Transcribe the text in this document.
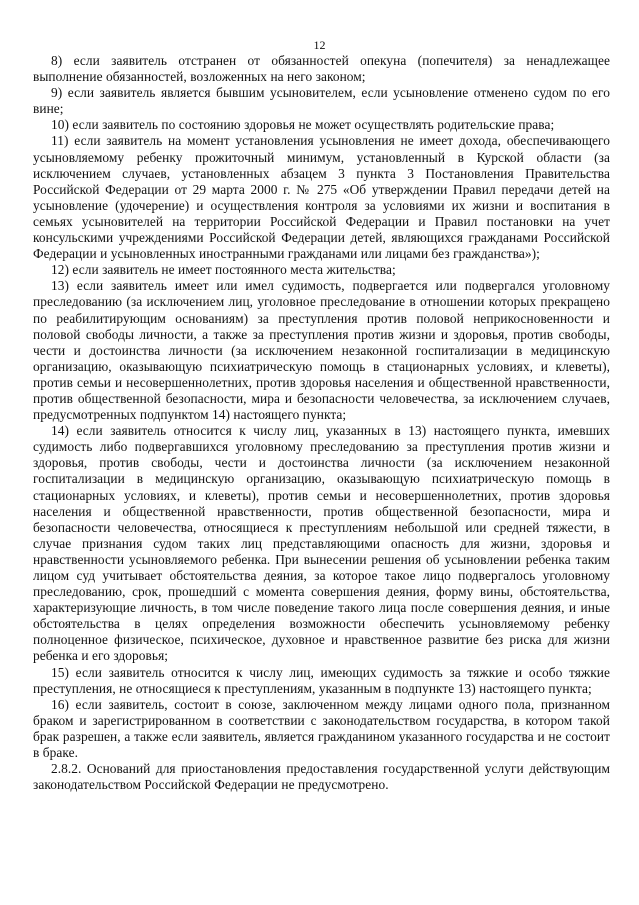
12

8) если заявитель отстранен от обязанностей опекуна (попечителя) за ненадлежащее выполнение обязанностей, возложенных на него законом;

9) если заявитель является бывшим усыновителем, если усыновление отменено судом по его вине;

10) если заявитель по состоянию здоровья не может осуществлять родительские права;

11) если заявитель на момент установления усыновления не имеет дохода, обеспечивающего усыновляемому ребенку прожиточный минимум, установленный в Курской области (за исключением случаев, установленных абзацем 3 пункта 3 Постановления Правительства Российской Федерации от 29 марта 2000 г. № 275 «Об утверждении Правил передачи детей на усыновление (удочерение) и осуществления контроля за условиями их жизни и воспитания в семьях усыновителей на территории Российской Федерации и Правил постановки на учет консульскими учреждениями Российской Федерации детей, являющихся гражданами Российской Федерации и усыновленных иностранными гражданами или лицами без гражданства»);

12) если заявитель не имеет постоянного места жительства;

13) если заявитель имеет или имел судимость, подвергается или подвергался уголовному преследованию (за исключением лиц, уголовное преследование в отношении которых прекращено по реабилитирующим основаниям) за преступления против половой неприкосновенности и половой свободы личности, а также за преступления против жизни и здоровья, против свободы, чести и достоинства личности (за исключением незаконной госпитализации в медицинскую организацию, оказывающую психиатрическую помощь в стационарных условиях, и клеветы), против семьи и несовершеннолетних, против здоровья населения и общественной нравственности, против общественной безопасности, мира и безопасности человечества, за исключением случаев, предусмотренных подпунктом 14) настоящего пункта;

14) если заявитель относится к числу лиц, указанных в 13) настоящего пункта, имевших судимость либо подвергавшихся уголовному преследованию за преступления против жизни и здоровья, против свободы, чести и достоинства личности (за исключением незаконной госпитализации в медицинскую организацию, оказывающую психиатрическую помощь в стационарных условиях, и клеветы), против семьи и несовершеннолетних, против здоровья населения и общественной нравственности, против общественной безопасности, мира и безопасности человечества, относящиеся к преступлениям небольшой или средней тяжести, в случае признания судом таких лиц представляющими опасность для жизни, здоровья и нравственности усыновляемого ребенка. При вынесении решения об усыновлении ребенка таким лицом суд учитывает обстоятельства деяния, за которое такое лицо подвергалось уголовному преследованию, срок, прошедший с момента совершения деяния, форму вины, обстоятельства, характеризующие личность, в том числе поведение такого лица после совершения деяния, и иные обстоятельства в целях определения возможности обеспечить усыновляемому ребенку полноценное физическое, психическое, духовное и нравственное развитие без риска для жизни ребенка и его здоровья;

15) если заявитель относится к числу лиц, имеющих судимость за тяжкие и особо тяжкие преступления, не относящиеся к преступлениям, указанным в подпункте 13) настоящего пункта;

16) если заявитель, состоит в союзе, заключенном между лицами одного пола, признанном браком и зарегистрированном в соответствии с законодательством государства, в котором такой брак разрешен, а также если заявитель, является гражданином указанного государства и не состоит в браке.

2.8.2. Оснований для приостановления предоставления государственной услуги действующим законодательством Российской Федерации не предусмотрено.
